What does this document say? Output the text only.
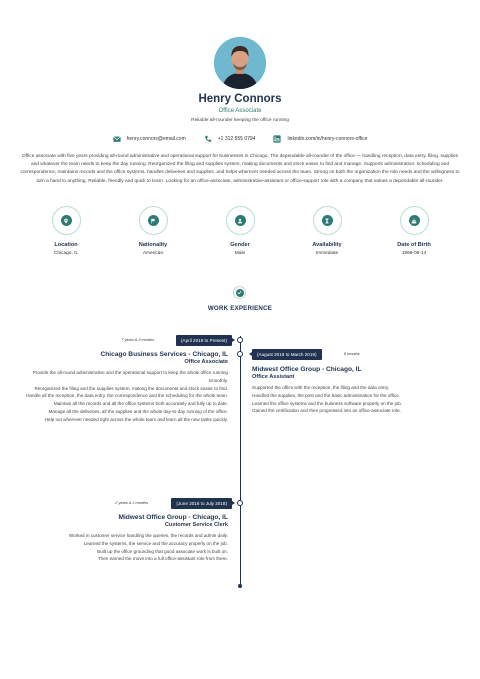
Henry Connors
Office Associate
Reliable all-rounder keeping the office running
henry.connors@email.com	+1 312 555 0794	linkedin.com/in/henry-connors-office

Office associate with five years providing all-round administrative and operational support for businesses in Chicago. The dependable all-rounder of the office — handling reception, data entry, filing, supplies and whatever the team needs to keep the day running. Reorganized the filing and supplies system, making documents and stock easier to find and manage. Supports administration, scheduling and correspondence, maintains records and the office systems, handles deliveries and supplies, and helps wherever needed across the team. Strong on both the organization the role needs and the willingness to turn a hand to anything. Reliable, friendly and quick to learn. Looking for an office-associate, administrative-assistant or office-support role with a company that values a dependable all-rounder.

Location
Chicago, IL
Nationality
American
Gender
Male
Availability
Immediate
Date of Birth
1998-08-14
WORK EXPERIENCE
7 years & 5 months	(April 2019 to Present)
Chicago Business Services - Chicago, IL
Office Associate
Provide the all-round administrative and the operational support to keep the whole office running smoothly.
Reorganized the filing and the supplies system, making the documents and stock easier to find.
Handle all the reception, the data entry, the correspondence and the scheduling for the whole team.
Maintain all the records and all the office systems both accurately and fully up to date.
Manage all the deliveries, all the supplies and the whole day-to-day running of the office.
Help out wherever needed right across the whole team and learn all the new tasks quickly.
(August 2018 to March 2019)	8 months
Midwest Office Group - Chicago, IL
Office Assistant
Supported the office with the reception, the filing and the data entry.
Handled the supplies, the post and the basic administration for the office.
Learned the office systems and the business software properly on the job.
Gained the certification and then progressed into an office-associate role.
2 years & 2 months	(June 2016 to July 2018)
Midwest Office Group - Chicago, IL
Customer Service Clerk
Worked in customer service handling the queries, the records and admin daily.
Learned the systems, the service and the accuracy properly on the job.
Built up the office grounding that good associate work is built on.
Then earned the move into a full office-assistant role from there.
